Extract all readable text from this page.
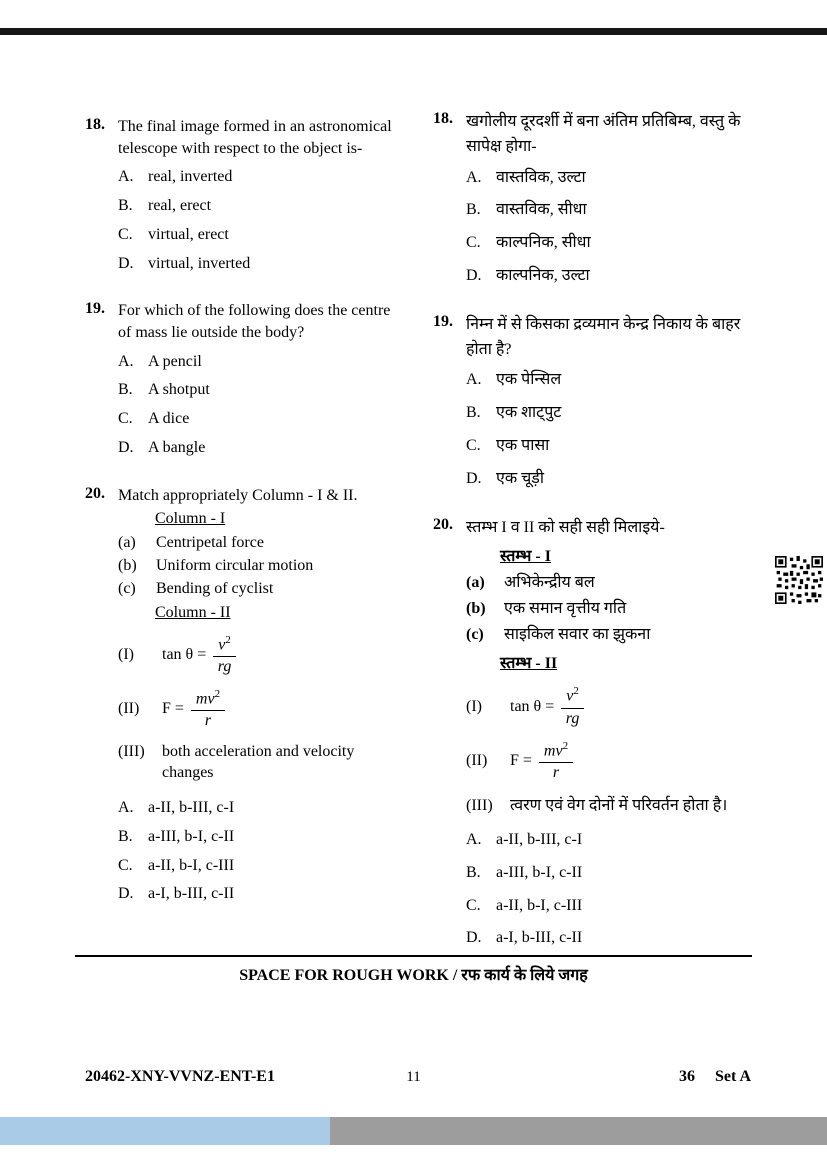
18. The final image formed in an astronomical telescope with respect to the object is-
A. real, inverted
B. real, erect
C. virtual, erect
D. virtual, inverted
19. For which of the following does the centre of mass lie outside the body?
A. A pencil
B. A shotput
C. A dice
D. A bangle
20. Match appropriately Column - I & II.
Column - I
(a)	Centripetal force
(b)	Uniform circular motion
(c)	Bending of cyclist
Column - II
(I)	$\tan \theta = \frac{\nu^2}{rg}$
(II)	$F = \frac{m\nu^2}{r}$
(III)	both acceleration and velocity changes
A. a-II, b-III, c-I
B. a-III, b-I, c-II
C. a-II, b-I, c-III
D. a-I, b-III, c-II
18. खगोलीय दूरदर्शी में बना अंतिम प्रतिबिम्ब, वस्तु के सापेक्ष होगा-
A. वास्तविक, उल्टा
B. वास्तविक, सीधा
C. काल्पनिक, सीधा
D. काल्पनिक, उल्टा
19. निम्न में से किसका द्रव्यमान केन्द्र निकाय के बाहर होता है?
A. एक पेन्सिल
B. एक शाट्पुट
C. एक पासा
D. एक चूड़ी
20. स्तम्भ I व II को सही सही मिलाइये-
स्तम्भ - I
(a)	अभिकेन्द्रीय बल
(b)	एक समान वृत्तीय गति
(c)	साइकिल सवार का झुकना
स्तम्भ - II
(I)	$\tan \theta = \frac{\nu^2}{rg}$
(II)	$F = \frac{m\nu^2}{r}$
(III)	त्वरण एवं वेग दोनों में परिवर्तन होता है।
A. a-II, b-III, c-I
B. a-III, b-I, c-II
C. a-II, b-I, c-III
D. a-I, b-III, c-II
SPACE FOR ROUGH WORK / रफ कार्य के लिये जगह
20462-XNY-VVNZ-ENT-E1	11	36 Set A
